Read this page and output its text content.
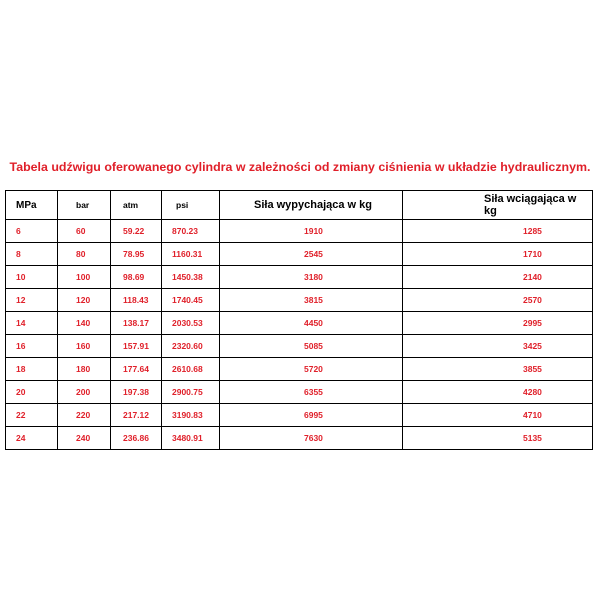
Tabela udźwigu oferowanego cylindra w zależności od zmiany ciśnienia w układzie hydraulicznym.
MPa	bar	atm	psi	Siła wypychająca w kg	Siła wciągająca w kg
6	60	59.22	870.23	1910	1285
8	80	78.95	1160.31	2545	1710
10	100	98.69	1450.38	3180	2140
12	120	118.43	1740.45	3815	2570
14	140	138.17	2030.53	4450	2995
16	160	157.91	2320.60	5085	3425
18	180	177.64	2610.68	5720	3855
20	200	197.38	2900.75	6355	4280
22	220	217.12	3190.83	6995	4710
24	240	236.86	3480.91	7630	5135
